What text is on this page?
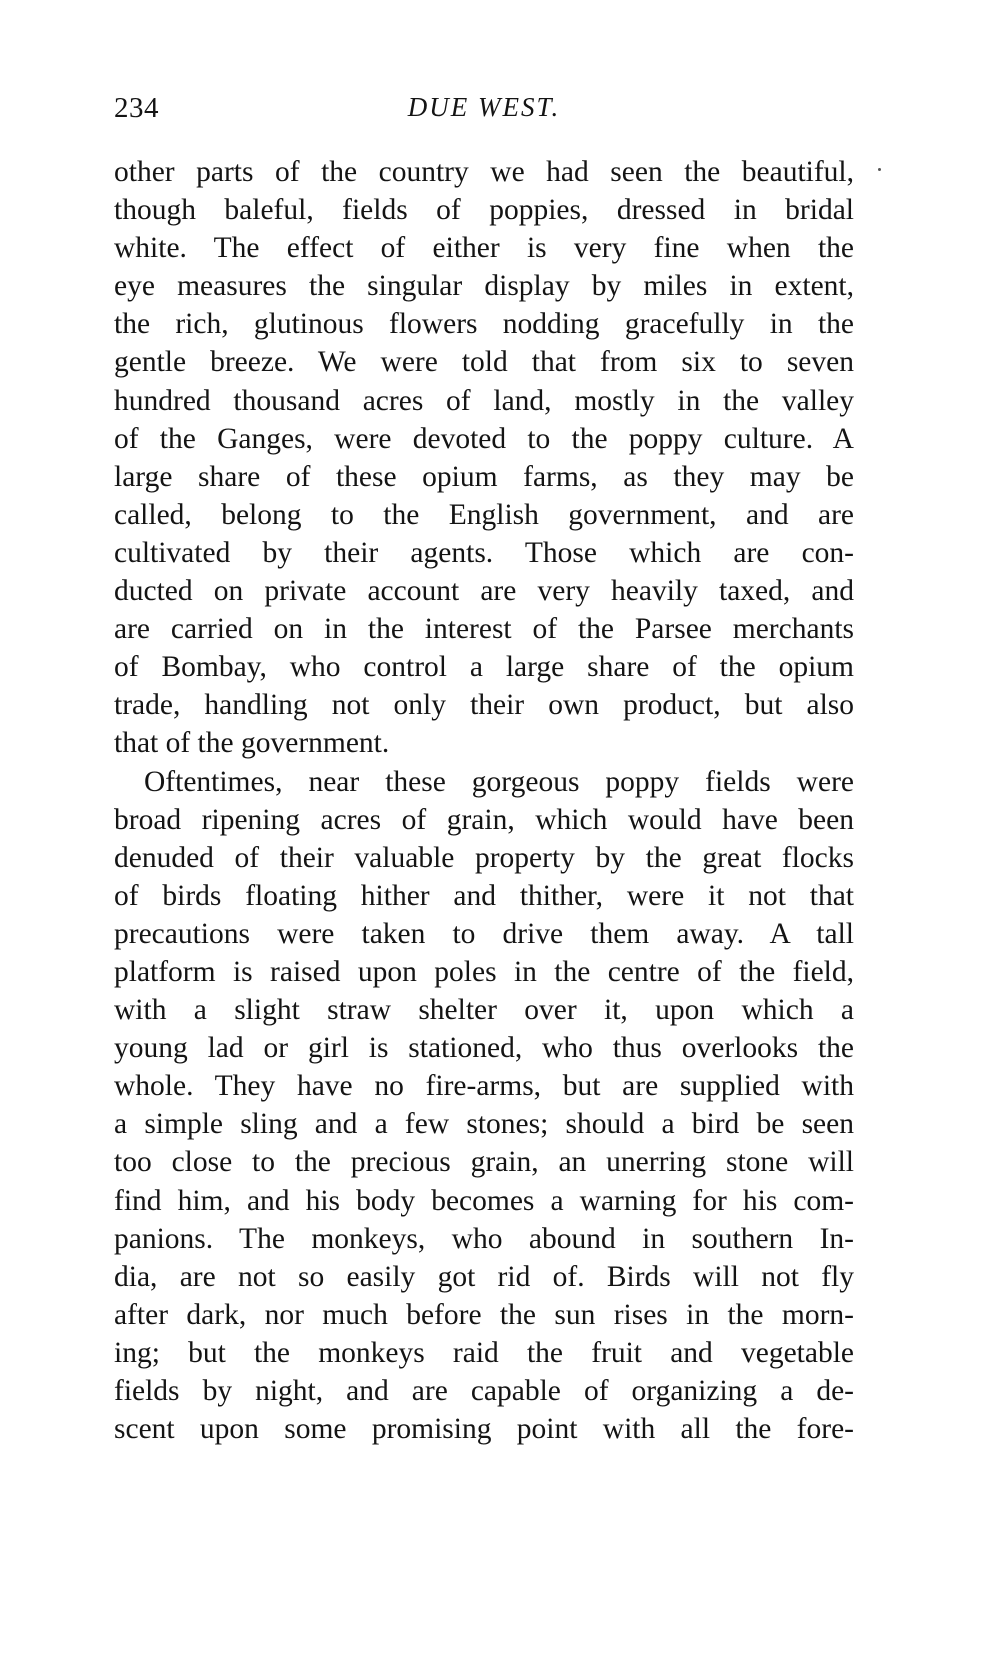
234	DUE WEST.
other parts of the country we had seen the beautiful,
though baleful, fields of poppies, dressed in bridal
white. The effect of either is very fine when the
eye measures the singular display by miles in extent,
the rich, glutinous flowers nodding gracefully in the
gentle breeze. We were told that from six to seven
hundred thousand acres of land, mostly in the valley
of the Ganges, were devoted to the poppy culture. A
large share of these opium farms, as they may be
called, belong to the English government, and are
cultivated by their agents. Those which are con-
ducted on private account are very heavily taxed, and
are carried on in the interest of the Parsee merchants
of Bombay, who control a large share of the opium
trade, handling not only their own product, but also
that of the government.
Oftentimes, near these gorgeous poppy fields were
broad ripening acres of grain, which would have been
denuded of their valuable property by the great flocks
of birds floating hither and thither, were it not that
precautions were taken to drive them away. A tall
platform is raised upon poles in the centre of the field,
with a slight straw shelter over it, upon which a
young lad or girl is stationed, who thus overlooks the
whole. They have no fire-arms, but are supplied with
a simple sling and a few stones; should a bird be seen
too close to the precious grain, an unerring stone will
find him, and his body becomes a warning for his com-
panions. The monkeys, who abound in southern In-
dia, are not so easily got rid of. Birds will not fly
after dark, nor much before the sun rises in the morn-
ing; but the monkeys raid the fruit and vegetable
fields by night, and are capable of organizing a de-
scent upon some promising point with all the fore-
